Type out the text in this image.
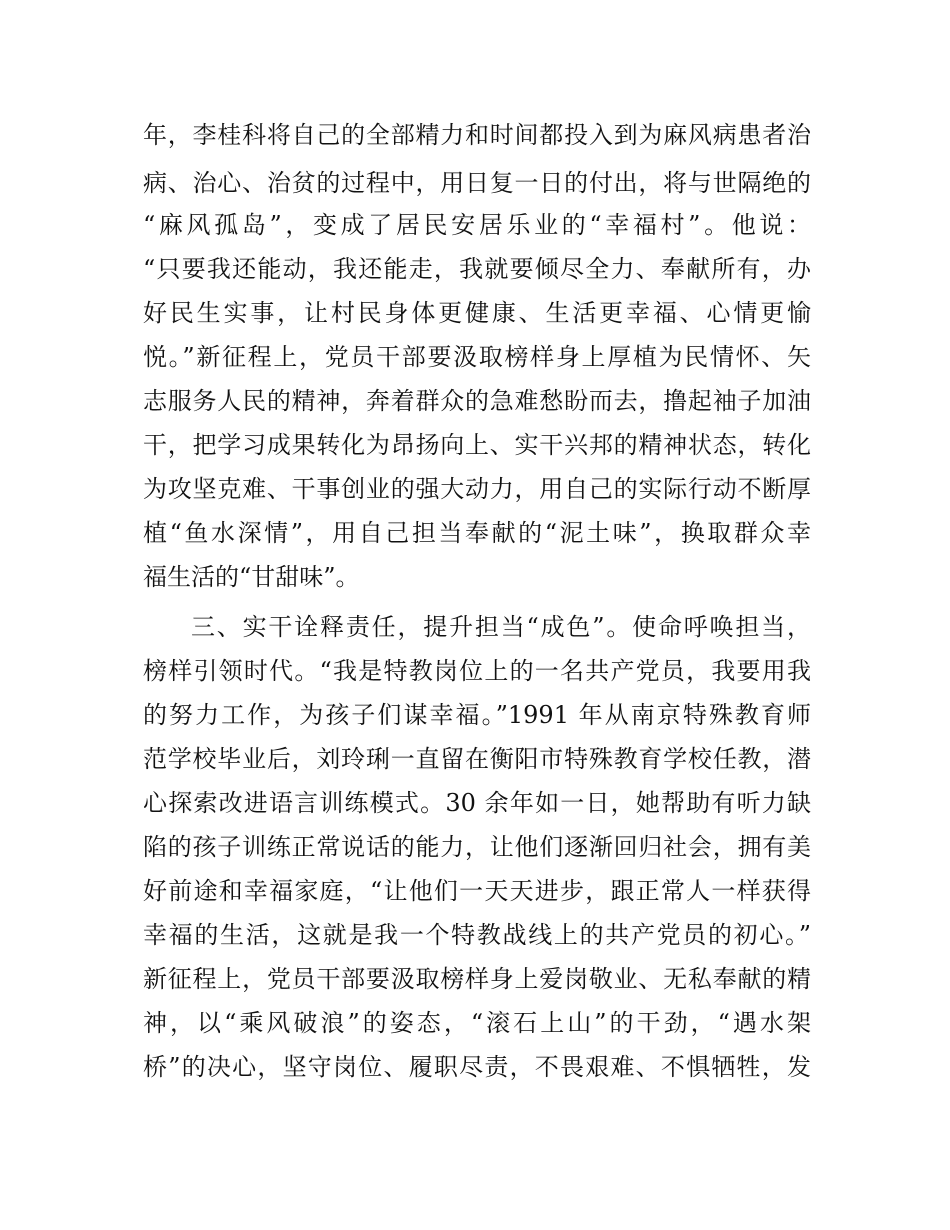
年，李桂科将自己的全部精力和时间都投入到为麻风病患者治
病、治心、治贫的过程中，用日复一日的付出，将与世隔绝的
“麻风孤岛”，变成了居民安居乐业的“幸福村”。他说：
“只要我还能动，我还能走，我就要倾尽全力、奉献所有，办
好民生实事，让村民身体更健康、生活更幸福、心情更愉
悦。”新征程上，党员干部要汲取榜样身上厚植为民情怀、矢
志服务人民的精神，奔着群众的急难愁盼而去，撸起袖子加油
干，把学习成果转化为昂扬向上、实干兴邦的精神状态，转化
为攻坚克难、干事创业的强大动力，用自己的实际行动不断厚
植“鱼水深情”，用自己担当奉献的“泥土味”，换取群众幸
福生活的“甘甜味”。
三、实干诠释责任，提升担当“成色”。使命呼唤担当，
榜样引领时代。“我是特教岗位上的一名共产党员，我要用我
的努力工作，为孩子们谋幸福。”1991 年从南京特殊教育师
范学校毕业后，刘玲琍一直留在衡阳市特殊教育学校任教，潜
心探索改进语言训练模式。30 余年如一日，她帮助有听力缺
陷的孩子训练正常说话的能力，让他们逐渐回归社会，拥有美
好前途和幸福家庭，“让他们一天天进步，跟正常人一样获得
幸福的生活，这就是我一个特教战线上的共产党员的初心。”
新征程上，党员干部要汲取榜样身上爱岗敬业、无私奉献的精
神，以“乘风破浪”的姿态，“滚石上山”的干劲，“遇水架
桥”的决心，坚守岗位、履职尽责，不畏艰难、不惧牺牲，发
